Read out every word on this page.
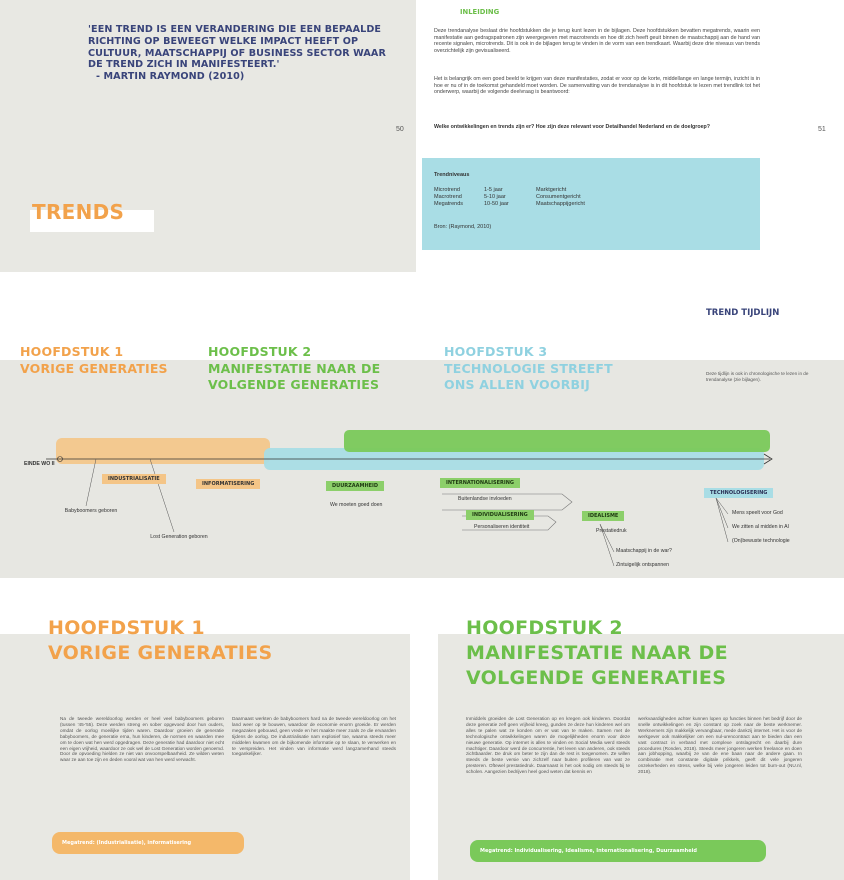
'EEN TREND IS EEN VERANDERING DIE EEN BEPAALDE RICHTING OP BEWEEGT WELKE IMPACT HEEFT OP CULTUUR, MAATSCHAPPIJ OF BUSINESS SECTOR WAAR DE TREND ZICH IN MANIFESTEERT.'
- MARTIN RAYMOND (2010)
50
TRENDS
INLEIDING
Deze trendanalyse beslaat drie hoofdstukken die je terug kunt lezen in de bijlagen. Deze hoofdstukken bevatten megatrends, waarin een manifestatie aan gedragspatronen zijn weergegeven met macrotrends en hoe dit zich heeft geuit binnen de maatschappij aan de hand van recente signalen, microtrends. Dit is ook in de bijlagen terug te vinden in de vorm van een trendkaart. Waarbij deze drie niveaus van trends overzichtelijk zijn gevisualiseerd.
Het is belangrijk om een goed beeld te krijgen van deze manifestaties, zodat er voor op de korte, middellange en lange termijn, inzicht is in hoe er nu of in de toekomst gehandeld moet worden. De samenvatting van de trendanalyse is in dit hoofdstuk te lezen met trendlink tot het onderwerp, waarbij de volgende deelvraag is beantwoord:
Welke ontwikkelingen en trends zijn er? Hoe zijn deze relevant voor Detailhandel Nederland en de doelgroep?	51
Trendniveaus
Microtrend	1-5 jaar	Marktgericht
Macrotrend	5-10 jaar	Consumentgericht
Megatrends	10-50 jaar	Maatschappijgericht
Bron: (Raymond, 2010)
TREND TIJDLIJN
HOOFDSTUK 1
VORIGE GENERATIES
HOOFDSTUK 2
MANIFESTATIE NAAR DE
VOLGENDE GENERATIES
HOOFDSTUK 3
TECHNOLOGIE STREEFT
ONS ALLEN VOORBIJ
Deze tijdlijn is ook in chronologische te lezen in de trendanalyse (zie bijlagen).
EINDE WO II
INDUSTRIALISATIE
INFORMATISERING
Babyboomers geboren
Lost Generation geboren
DUURZAAMHEID
We moeten goed doen
INTERNATIONALISERING
Buitenlandse invloeden
INDIVIDUALISERING
Personaliseren identiteit
IDEALISME
Prestatiedruk
Maatschappij in de war?
Zintuigelijk ontspannen
TECHNOLOGISERING
Mens speelt voor God
We zitten al midden in AI
(On)bewuste technologie
HOOFDSTUK 1
VORIGE GENERATIES
Na de tweede wereldoorlog werden er heel veel babyboomers geboren (tussen '45-'55). Deze werden streng en sober opgevoed door hun ouders, omdat de oorlog moeilijke tijden waren. Daardoor groeien de generatie babyboomers, de generatie erna, hun kinderen, de normen en waarden mee om te doen wat hen werd opgedragen. Deze generatie had daardoor niet echt een eigen vrijheid, waardoor ze ook wel de Lost Generation worden genoemd. Door de opvoeding hielden ze niet van onvoorspelbaarheid. Ze wilden weten waar ze aan toe zijn en deden vooral wat van hen werd verwacht.
Daarnaast werkten de babyboomers hard na de tweede wereldoorlog om het land weer op te bouwen, waardoor de economie enorm groeide. Er werden megazaken gebouwd, geen vrede en het maakte meer zoals ze die ervaarden tijdens de oorlog. De industrialisatie nam explosief toe, waarna steeds meer middelen kwamen om de bijkomende informatie op te slaan, te verwerken en te verspreiden. Het vinden van informatie werd langzamerhand steeds toegankelijker.
Megatrend: (Industrialisatie), informatisering
HOOFDSTUK 2
MANIFESTATIE NAAR DE
VOLGENDE GENERATIES
Inmiddels groeiden de Lost Generation op en kregen ook kinderen. Doordat deze generatie zelf geen vrijheid kreeg, gunden ze deze hun kinderen wel om alles te palen wat ze konden om er wat van te maken. Samen met de technologische ontwikkelingen waren de mogelijkheden enorm voor deze nieuwe generatie. Op internet is alles te vinden en Social Media werd steeds machtiger. Daardoor werd de concurrentie, het leven van anderen, ook steeds zichtbaarder. De druk om beter te zijn dan de rest is toegenomen. Ze willen steeds de beste versie van zichzelf naar buiten profileren van wat ze presteren. Oftewel prestatiedruk. Daarnaast is het ook nodig om steeds bij te scholen. Aangezien bedrijven heel goed weten dat kennis en
werkvaardigheden achter kunnen lopen op functies binnen het bedrijf door de snelle ontwikkelingen en zijn constant op zoek naar de beste werknemer. Werknemers zijn makkelijk vervangbaar, mede dankzij internet. Het is voor de werkgever ook makkelijker om een nul-urencontract aan te bieden dan een vast contract in verband met complexe ontslagrecht en daarbij dure procedures (Ronden, 2018). Steeds meer jongeren werken freelance en doen aan jobhopping, waarbij ze van de ene baan naar de andere gaan. In combinatie met constante digitale prikkels, geeft dit vele jongeren onzekerheden en stress, welke bij vele jongeren leiden tot burn-out (NU.nl, 2018).
Megatrend: Individualisering, Idealisme, Internationalisering, Duurzaamheid
